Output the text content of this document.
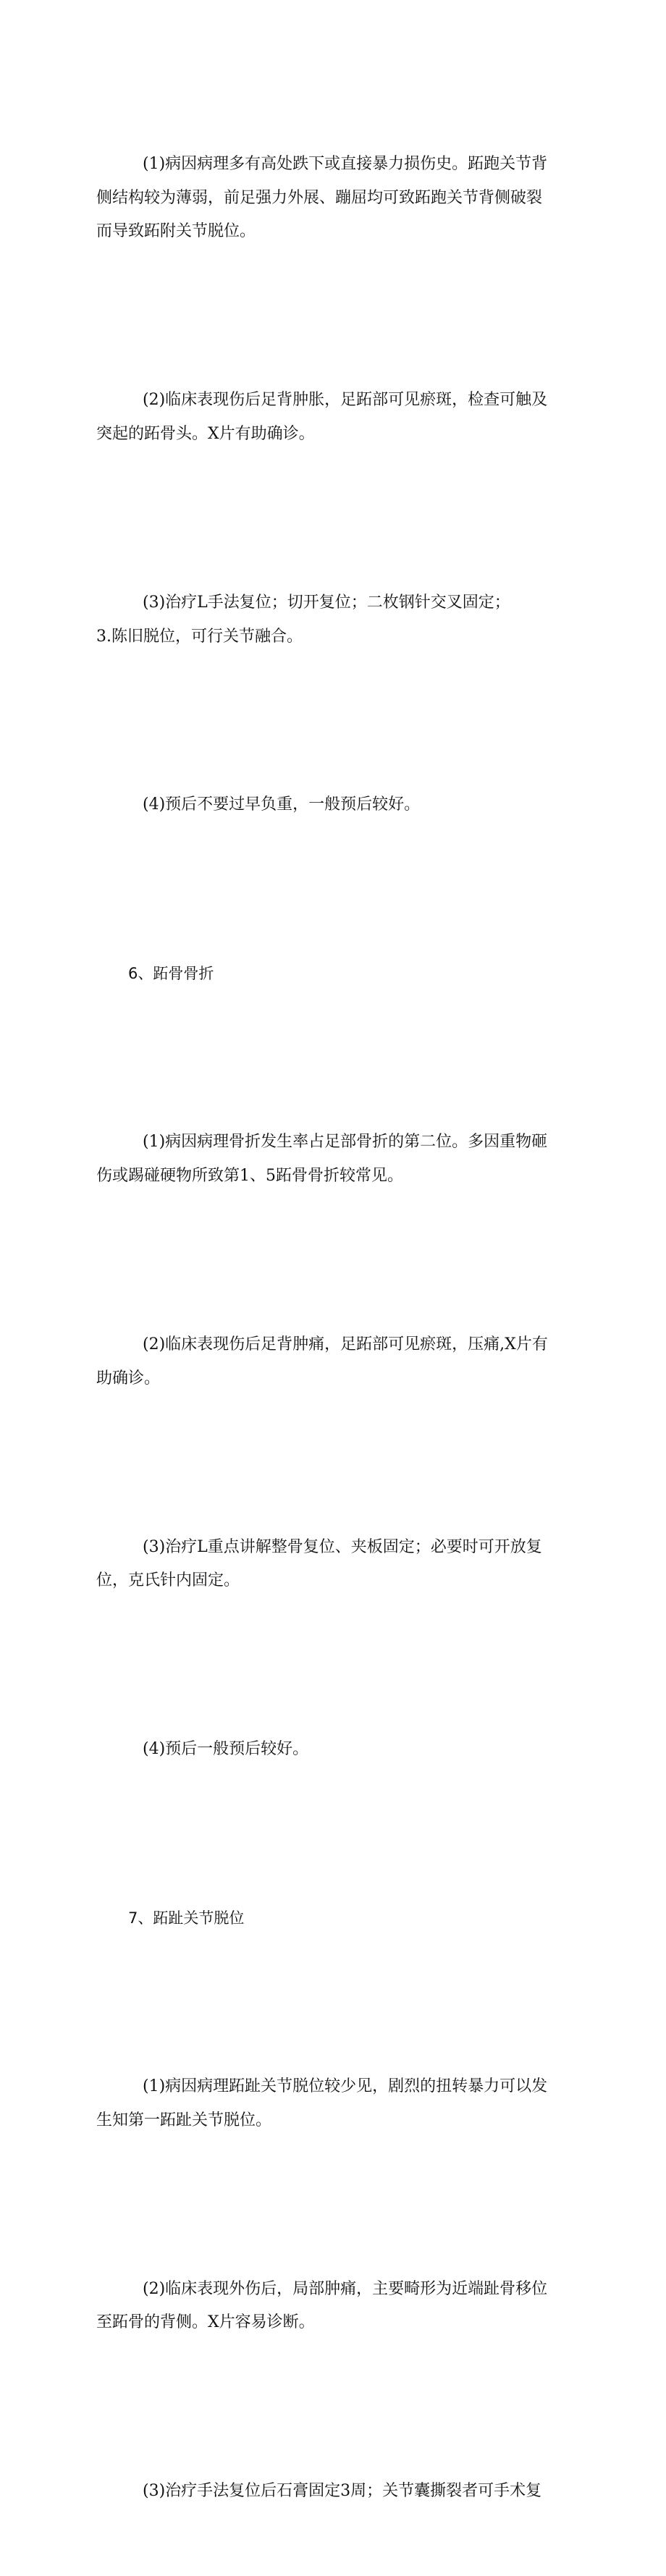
(1)病因病理多有高处跌下或直接暴力损伤史。跖跑关节背
侧结构较为薄弱，前足强力外展、蹦屈均可致跖跑关节背侧破裂
而导致跖附关节脱位。

(2)临床表现伤后足背肿胀，足跖部可见瘀斑，检查可触及
突起的跖骨头。X片有助确诊。

(3)治疗L手法复位；切开复位；二枚钢针交叉固定；
3.陈旧脱位，可行关节融合。

(4)预后不要过早负重，一般预后较好。

6、跖骨骨折

(1)病因病理骨折发生率占足部骨折的第二位。多因重物砸
伤或踢碰硬物所致第1、5跖骨骨折较常见。

(2)临床表现伤后足背肿痛，足跖部可见瘀斑，压痛,X片有
助确诊。

(3)治疗L重点讲解整骨复位、夹板固定；必要时可开放复
位，克氏针内固定。

(4)预后一般预后较好。

7、跖趾关节脱位

(1)病因病理跖趾关节脱位较少见，剧烈的扭转暴力可以发
生知第一跖趾关节脱位。

(2)临床表现外伤后，局部肿痛，主要畸形为近端趾骨移位
至跖骨的背侧。X片容易诊断。

(3)治疗手法复位后石膏固定3周；关节囊撕裂者可手术复
